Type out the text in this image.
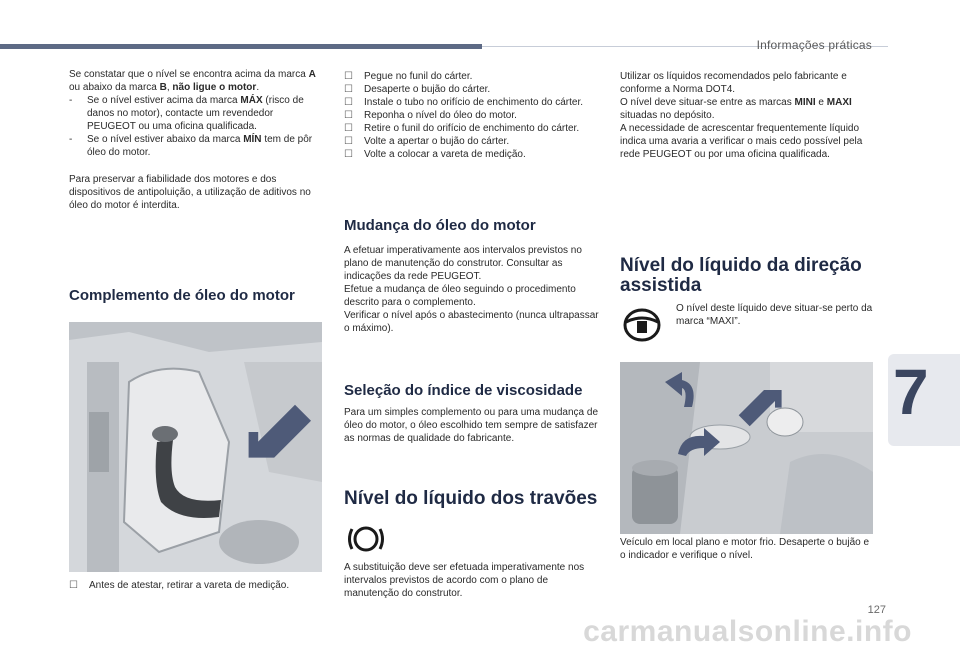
Informações práticas

Se constatar que o nível se encontra acima da marca A ou abaixo da marca B, não ligue o motor.

- Se o nível estiver acima da marca MÁX (risco de danos no motor), contacte um revendedor PEUGEOT ou uma oficina qualificada.

- Se o nível estiver abaixo da marca MÍN tem de pôr óleo do motor.

Para preservar a fiabilidade dos motores e dos dispositivos de antipoluição, a utilização de aditivos no óleo do motor é interdita.

Complemento de óleo do motor

☐ Antes de atestar, retirar a vareta de medição.

☐ Pegue no funil do cárter.

☐ Desaperte o bujão do cárter.

☐ Instale o tubo no orifício de enchimento do cárter.

☐ Reponha o nível do óleo do motor.

☐ Retire o funil do orifício de enchimento do cárter.

☐ Volte a apertar o bujão do cárter.

☐ Volte a colocar a vareta de medição.

Mudança do óleo do motor

A efetuar imperativamente aos intervalos previstos no plano de manutenção do construtor. Consultar as indicações da rede PEUGEOT.

Efetue a mudança de óleo seguindo o procedimento descrito para o complemento.

Verificar o nível após o abastecimento (nunca ultrapassar o máximo).

Seleção do índice de viscosidade

Para um simples complemento ou para uma mudança de óleo do motor, o óleo escolhido tem sempre de satisfazer as normas de qualidade do fabricante.

Nível do líquido dos travões

A substituição deve ser efetuada imperativamente nos intervalos previstos de acordo com o plano de manutenção do construtor.

Utilizar os líquidos recomendados pelo fabricante e conforme a Norma DOT4.

O nível deve situar-se entre as marcas MINI e MAXI situadas no depósito.

A necessidade de acrescentar frequentemente líquido indica uma avaria a verificar o mais cedo possível pela rede PEUGEOT ou por uma oficina qualificada.

Nível do líquido da direção assistida

O nível deste líquido deve situar-se perto da marca “MAXI”.

Veículo em local plano e motor frio. Desaperte o bujão e o indicador e verifique o nível.

7
127
carmanualsonline.info
